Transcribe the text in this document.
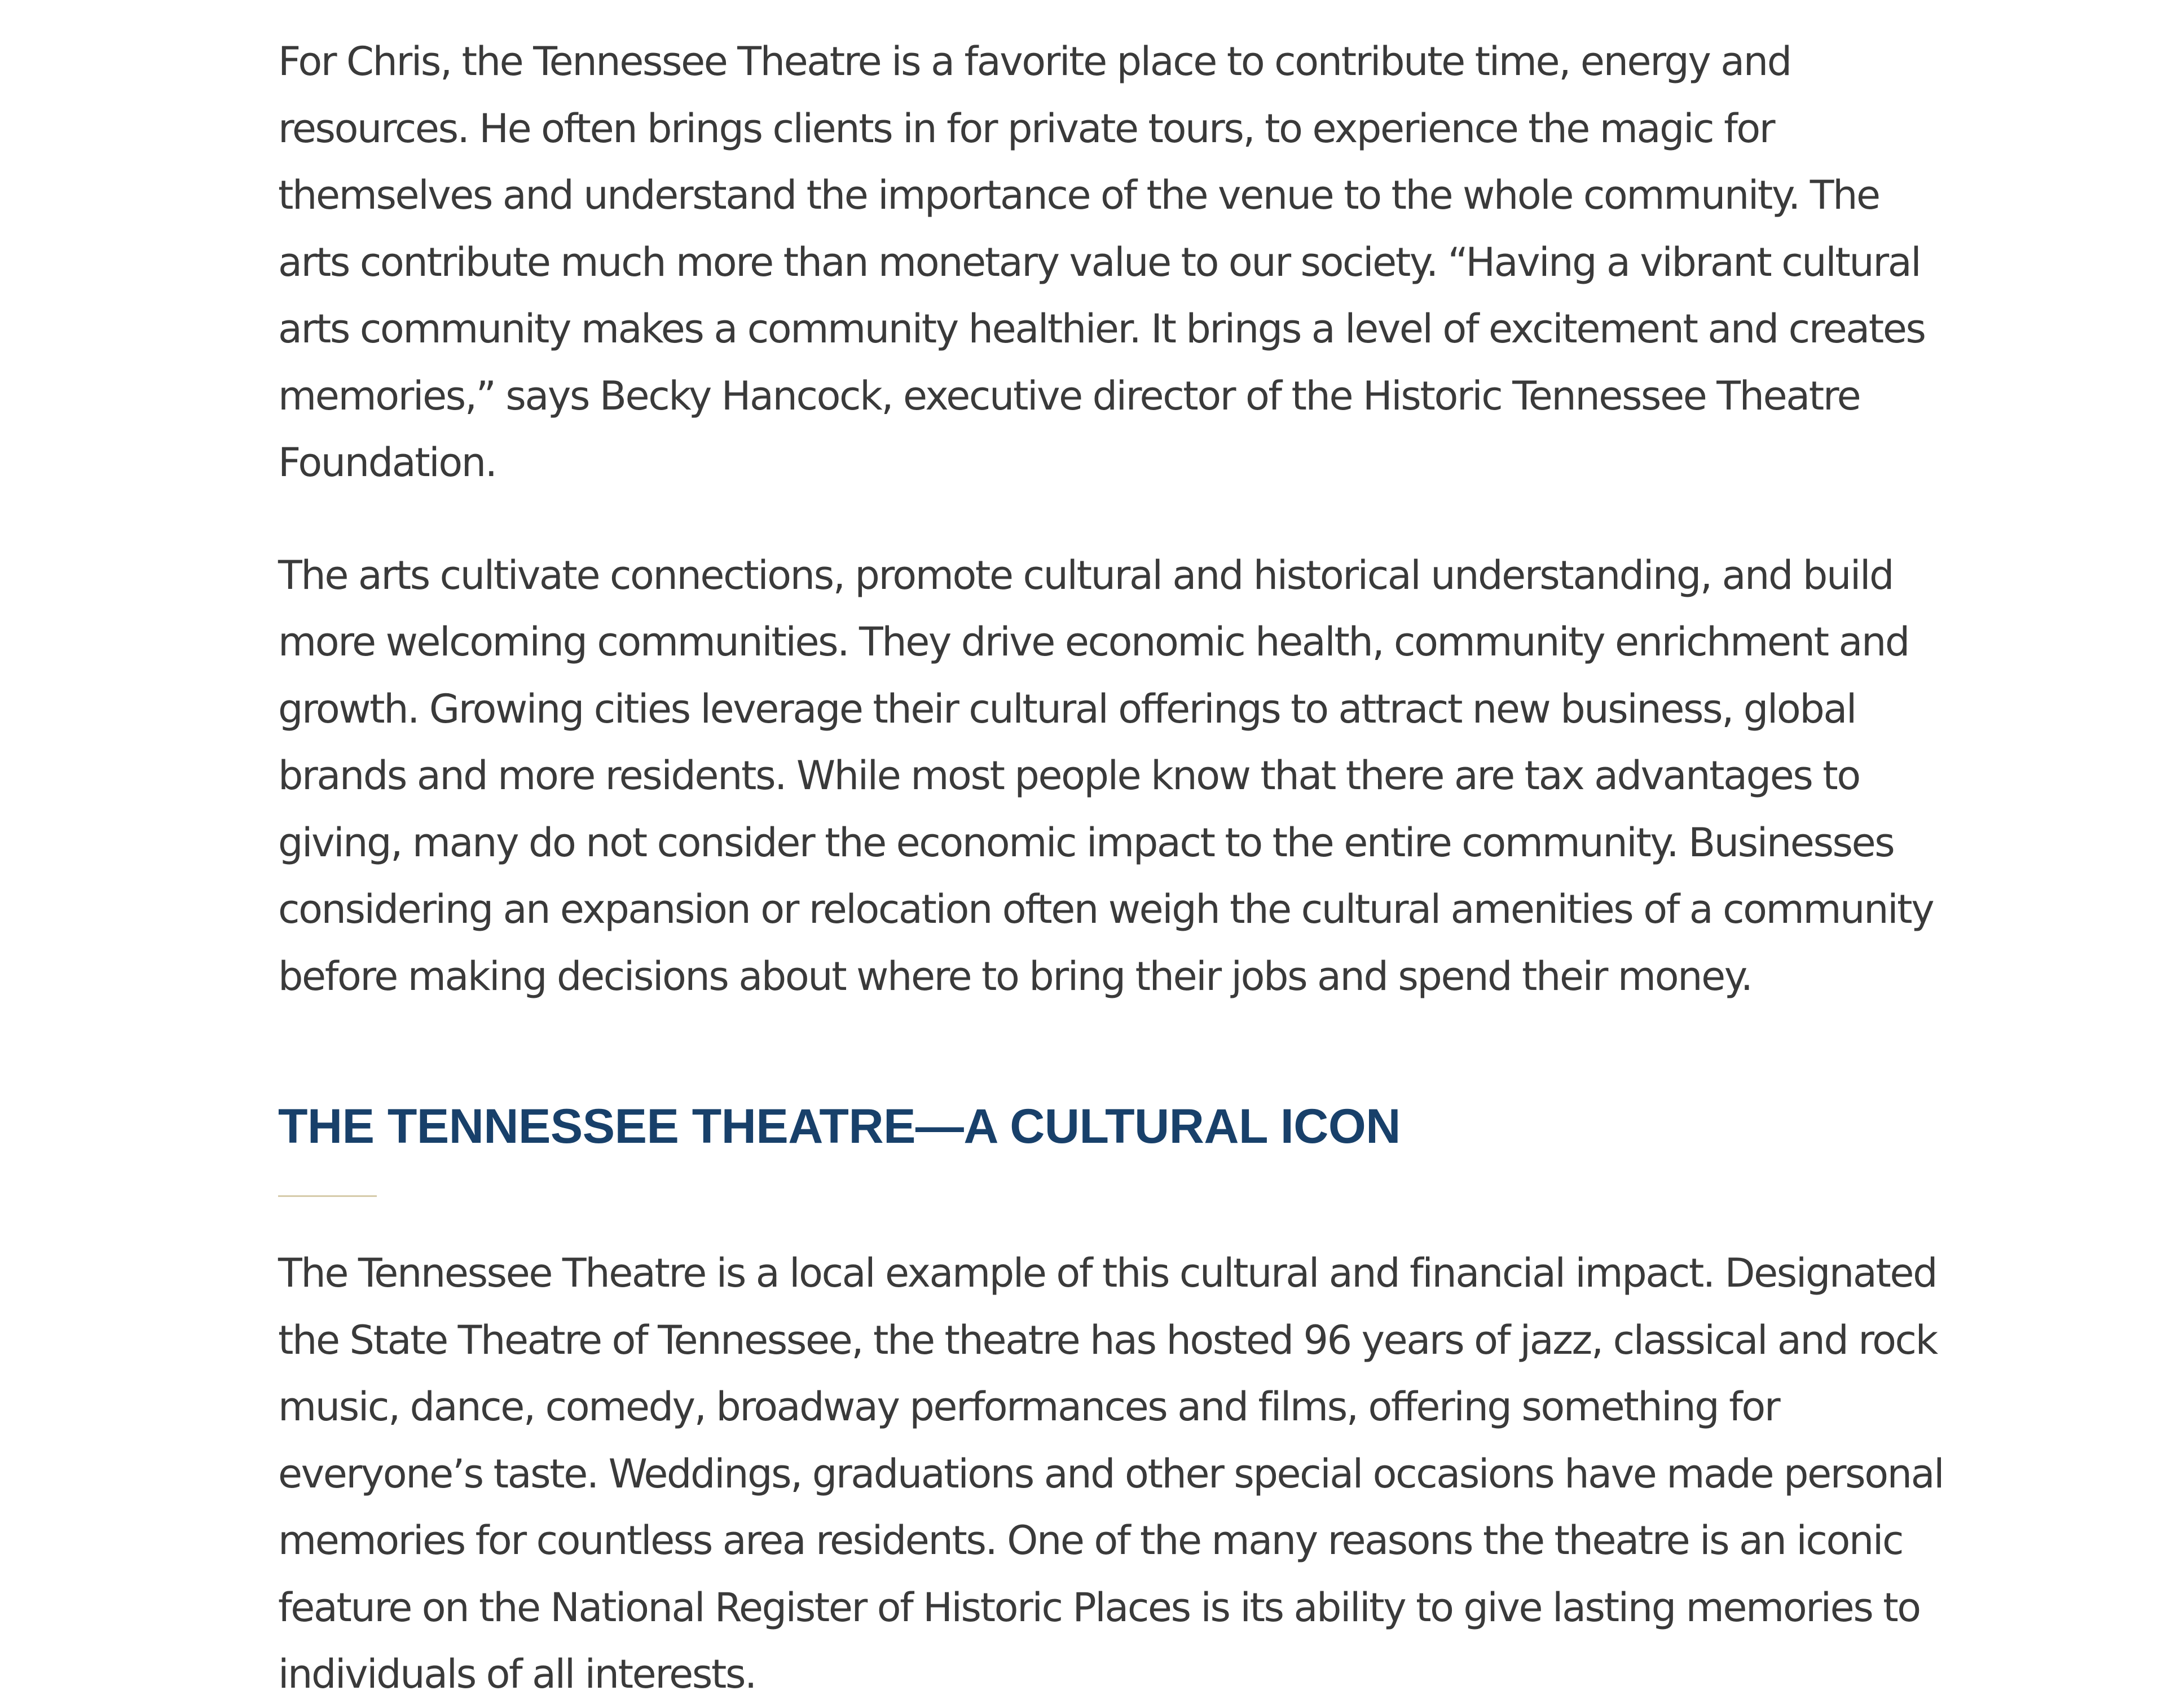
For Chris, the Tennessee Theatre is a favorite place to contribute time, energy and resources. He often brings clients in for private tours, to experience the magic for themselves and understand the importance of the venue to the whole community. The arts contribute much more than monetary value to our society. “Having a vibrant cultural arts community makes a community healthier. It brings a level of excitement and creates memories,” says Becky Hancock, executive director of the Historic Tennessee Theatre Foundation.

The arts cultivate connections, promote cultural and historical understanding, and build more welcoming communities. They drive economic health, community enrichment and growth. Growing cities leverage their cultural offerings to attract new business, global brands and more residents. While most people know that there are tax advantages to giving, many do not consider the economic impact to the entire community. Businesses considering an expansion or relocation often weigh the cultural amenities of a community before making decisions about where to bring their jobs and spend their money.

THE TENNESSEE THEATRE—A CULTURAL ICON

The Tennessee Theatre is a local example of this cultural and financial impact. Designated the State Theatre of Tennessee, the theatre has hosted 96 years of jazz, classical and rock music, dance, comedy, broadway performances and films, offering something for everyone’s taste. Weddings, graduations and other special occasions have made personal memories for countless area residents. One of the many reasons the theatre is an iconic feature on the National Register of Historic Places is its ability to give lasting memories to individuals of all interests.
